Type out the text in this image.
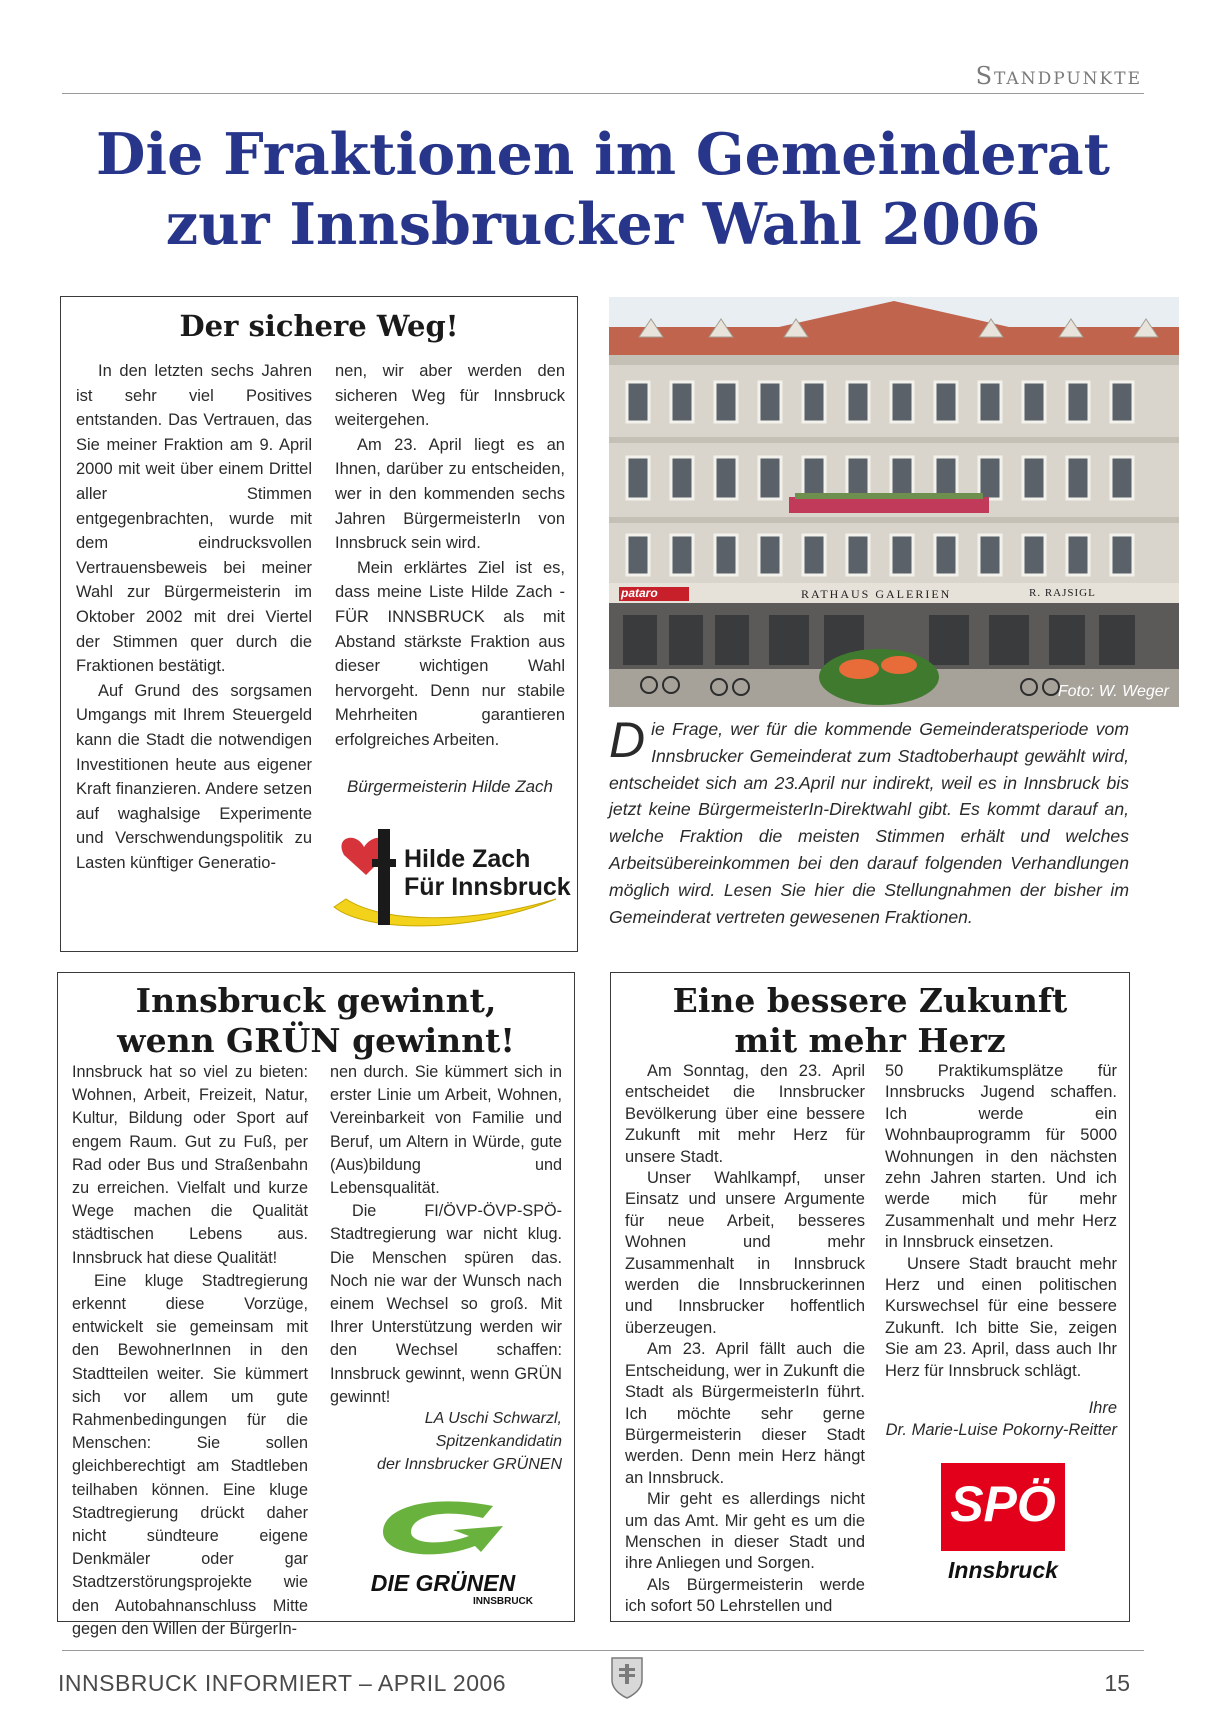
Standpunkte
Die Fraktionen im Gemeinderat
zur Innsbrucker Wahl 2006
Der sichere Weg!

In den letzten sechs Jahren ist sehr viel Positives entstanden. Das Vertrauen, das Sie meiner Fraktion am 9. April 2000 mit weit über einem Drittel aller Stimmen entgegenbrachten, wurde mit dem eindrucksvollen Vertrauensbeweis bei meiner Wahl zur Bürgermeisterin im Oktober 2002 mit drei Viertel der Stimmen quer durch die Fraktionen bestätigt.

Auf Grund des sorgsamen Umgangs mit Ihrem Steuergeld kann die Stadt die notwendigen Investitionen heute aus eigener Kraft finanzieren. Andere setzen auf waghalsige Experimente und Verschwendungspolitik zu Lasten künftiger Generatio-

nen, wir aber werden den sicheren Weg für Innsbruck weitergehen.

Am 23. April liegt es an Ihnen, darüber zu entscheiden, wer in den kommenden sechs Jahren BürgermeisterIn von Innsbruck sein wird.

Mein erklärtes Ziel ist es, dass meine Liste Hilde Zach - FÜR INNSBRUCK als mit Abstand stärkste Fraktion aus dieser wichtigen Wahl hervorgeht. Denn nur stabile Mehrheiten garantieren erfolgreiches Arbeiten.

Bürgermeisterin Hilde Zach
Hilde Zach
Für Innsbruck
pataro	RATHAUS GALERIEN	R. RAJSIGL
Foto: W. Weger
Die Frage, wer für die kommende Gemeinderatsperiode vom Innsbrucker Gemeinderat zum Stadtoberhaupt gewählt wird, entscheidet sich am 23.April nur indirekt, weil es in Innsbruck bis jetzt keine BürgermeisterIn-Direktwahl gibt. Es kommt darauf an, welche Fraktion die meisten Stimmen erhält und welches Arbeitsübereinkommen bei den darauf folgenden Verhandlungen möglich wird. Lesen Sie hier die Stellungnahmen der bisher im Gemeinderat vertreten gewesenen Fraktionen.
Innsbruck gewinnt,
wenn GRÜN gewinnt!

Innsbruck hat so viel zu bieten: Wohnen, Arbeit, Freizeit, Natur, Kultur, Bildung oder Sport auf engem Raum. Gut zu Fuß, per Rad oder Bus und Straßenbahn zu erreichen. Vielfalt und kurze Wege machen die Qualität städtischen Lebens aus. Innsbruck hat diese Qualität!

Eine kluge Stadtregierung erkennt diese Vorzüge, entwickelt sie gemeinsam mit den BewohnerInnen in den Stadtteilen weiter. Sie kümmert sich vor allem um gute Rahmenbedingungen für die Menschen: Sie sollen gleichberechtigt am Stadtleben teilhaben können. Eine kluge Stadtregierung drückt daher nicht sündteure eigene Denkmäler oder gar Stadtzerstörungsprojekte wie den Autobahnanschluss Mitte gegen den Willen der BürgerIn-

nen durch. Sie kümmert sich in erster Linie um Arbeit, Wohnen, Vereinbarkeit von Familie und Beruf, um Altern in Würde, gute (Aus)bildung und Lebensqualität.

Die FI/ÖVP-ÖVP-SPÖ-Stadtregierung war nicht klug. Die Menschen spüren das. Noch nie war der Wunsch nach einem Wechsel so groß. Mit Ihrer Unterstützung werden wir den Wechsel schaffen: Innsbruck gewinnt, wenn GRÜN gewinnt!

LA Uschi Schwarzl,
Spitzenkandidatin
der Innsbrucker GRÜNEN
DIE GRÜNEN
INNSBRUCK
Eine bessere Zukunft
mit mehr Herz

Am Sonntag, den 23. April entscheidet die Innsbrucker Bevölkerung über eine bessere Zukunft mit mehr Herz für unsere Stadt.

Unser Wahlkampf, unser Einsatz und unsere Argumente für neue Arbeit, besseres Wohnen und mehr Zusammenhalt in Innsbruck werden die Innsbruckerinnen und Innsbrucker hoffentlich überzeugen.

Am 23. April fällt auch die Entscheidung, wer in Zukunft die Stadt als BürgermeisterIn führt. Ich möchte sehr gerne Bürgermeisterin dieser Stadt werden. Denn mein Herz hängt an Innsbruck.

Mir geht es allerdings nicht um das Amt. Mir geht es um die Menschen in dieser Stadt und ihre Anliegen und Sorgen.

Als Bürgermeisterin werde ich sofort 50 Lehrstellen und

50 Praktikumsplätze für Innsbrucks Jugend schaffen. Ich werde ein Wohnbauprogramm für 5000 Wohnungen in den nächsten zehn Jahren starten. Und ich werde mich für mehr Zusammenhalt und mehr Herz in Innsbruck einsetzen.

Unsere Stadt braucht mehr Herz und einen politischen Kurswechsel für eine bessere Zukunft. Ich bitte Sie, zeigen Sie am 23. April, dass auch Ihr Herz für Innsbruck schlägt.

Ihre
Dr. Marie-Luise Pokorny-Reitter
SPÖ
Innsbruck
INNSBRUCK INFORMIERT – APRIL 2006	15
